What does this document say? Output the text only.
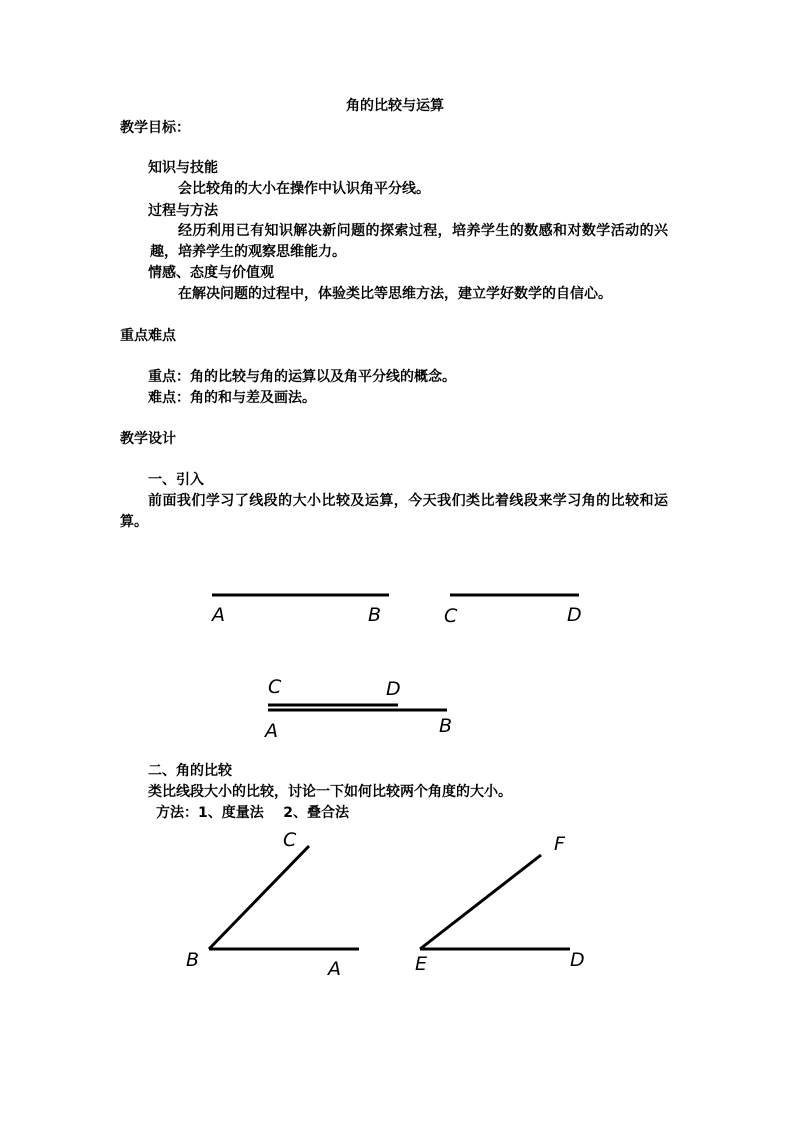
角的比较与运算
教学目标：
知识与技能
会比较角的大小在操作中认识角平分线。
过程与方法
经历利用已有知识解决新问题的探索过程，培养学生的数感和对数学活动的兴趣，培养学生的观察思维能力。
情感、态度与价值观
在解决问题的过程中，体验类比等思维方法，建立学好数学的自信心。
重点难点
重点：角的比较与角的运算以及角平分线的概念。
难点：角的和与差及画法。
教学设计
一、引入
前面我们学习了线段的大小比较及运算，今天我们类比着线段来学习角的比较和运算。
A	B	C	D
C	D
A	B
C
B	A
F
E	D
二、角的比较
类比线段大小的比较，讨论一下如何比较两个角度的大小。
方法：1、度量法    2、叠合法
